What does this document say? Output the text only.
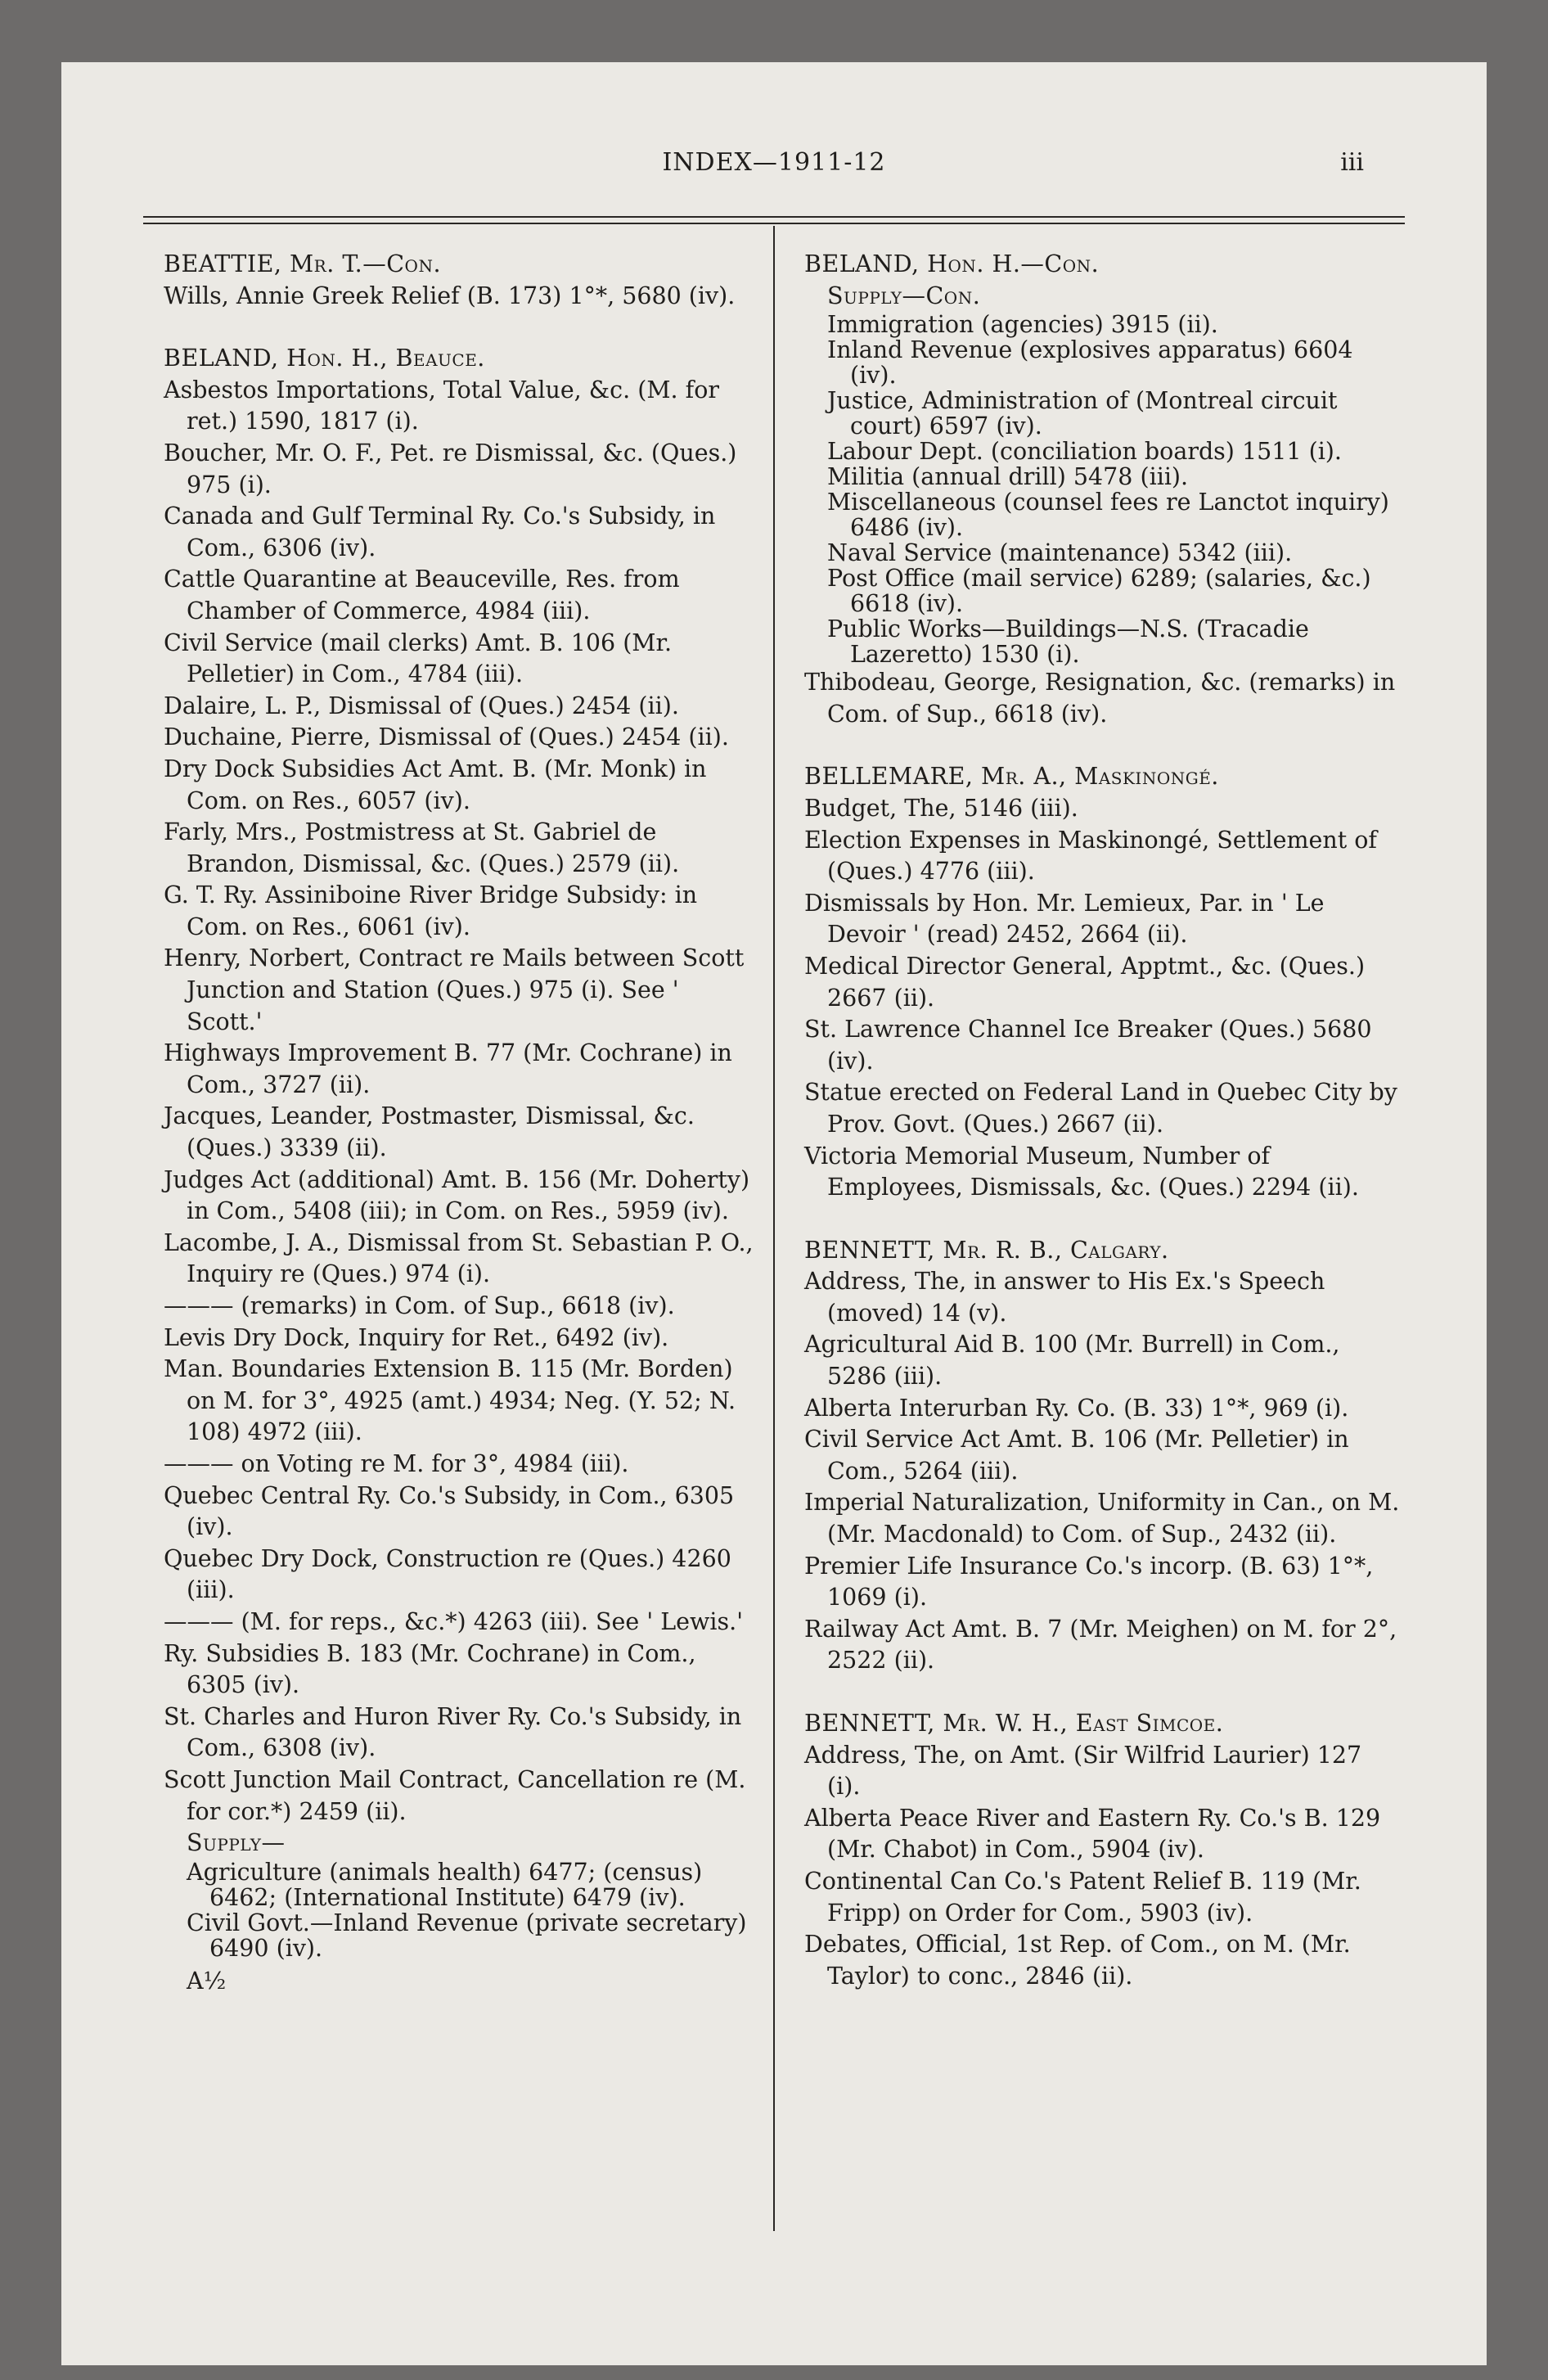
INDEX—1911-12	iii

BEATTIE, Mr. T.—Con.

Wills, Annie Greek Relief (B. 173) 1°*, 5680 (iv).

BELAND, Hon. H., Beauce.

Asbestos Importations, Total Value, &c. (M. for ret.) 1590, 1817 (i).

Boucher, Mr. O. F., Pet. re Dismissal, &c. (Ques.) 975 (i).

Canada and Gulf Terminal Ry. Co.'s Subsidy, in Com., 6306 (iv).

Cattle Quarantine at Beauceville, Res. from Chamber of Commerce, 4984 (iii).

Civil Service (mail clerks) Amt. B. 106 (Mr. Pelletier) in Com., 4784 (iii).

Dalaire, L. P., Dismissal of (Ques.) 2454 (ii).

Duchaine, Pierre, Dismissal of (Ques.) 2454 (ii).

Dry Dock Subsidies Act Amt. B. (Mr. Monk) in Com. on Res., 6057 (iv).

Farly, Mrs., Postmistress at St. Gabriel de Brandon, Dismissal, &c. (Ques.) 2579 (ii).

G. T. Ry. Assiniboine River Bridge Subsidy: in Com. on Res., 6061 (iv).

Henry, Norbert, Contract re Mails between Scott Junction and Station (Ques.) 975 (i). See ' Scott.'

Highways Improvement B. 77 (Mr. Cochrane) in Com., 3727 (ii).

Jacques, Leander, Postmaster, Dismissal, &c. (Ques.) 3339 (ii).

Judges Act (additional) Amt. B. 156 (Mr. Doherty) in Com., 5408 (iii); in Com. on Res., 5959 (iv).

Lacombe, J. A., Dismissal from St. Sebastian P. O., Inquiry re (Ques.) 974 (i).

——— (remarks) in Com. of Sup., 6618 (iv).

Levis Dry Dock, Inquiry for Ret., 6492 (iv).

Man. Boundaries Extension B. 115 (Mr. Borden) on M. for 3°, 4925 (amt.) 4934; Neg. (Y. 52; N. 108) 4972 (iii).

——— on Voting re M. for 3°, 4984 (iii).

Quebec Central Ry. Co.'s Subsidy, in Com., 6305 (iv).

Quebec Dry Dock, Construction re (Ques.) 4260 (iii).

——— (M. for reps., &c.*) 4263 (iii). See ' Lewis.'

Ry. Subsidies B. 183 (Mr. Cochrane) in Com., 6305 (iv).

St. Charles and Huron River Ry. Co.'s Subsidy, in Com., 6308 (iv).

Scott Junction Mail Contract, Cancellation re (M. for cor.*) 2459 (ii).

Supply—

Agriculture (animals health) 6477; (census) 6462; (International Institute) 6479 (iv).

Civil Govt.—Inland Revenue (private secretary) 6490 (iv).

A½

BELAND, Hon. H.—Con.

Supply—Con.

Immigration (agencies) 3915 (ii).

Inland Revenue (explosives apparatus) 6604 (iv).

Justice, Administration of (Montreal circuit court) 6597 (iv).

Labour Dept. (conciliation boards) 1511 (i).

Militia (annual drill) 5478 (iii).

Miscellaneous (counsel fees re Lanctot inquiry) 6486 (iv).

Naval Service (maintenance) 5342 (iii).

Post Office (mail service) 6289; (salaries, &c.) 6618 (iv).

Public Works—Buildings—N.S. (Tracadie Lazeretto) 1530 (i).

Thibodeau, George, Resignation, &c. (remarks) in Com. of Sup., 6618 (iv).

BELLEMARE, Mr. A., Maskinongé.

Budget, The, 5146 (iii).

Election Expenses in Maskinongé, Settlement of (Ques.) 4776 (iii).

Dismissals by Hon. Mr. Lemieux, Par. in ' Le Devoir ' (read) 2452, 2664 (ii).

Medical Director General, Apptmt., &c. (Ques.) 2667 (ii).

St. Lawrence Channel Ice Breaker (Ques.) 5680 (iv).

Statue erected on Federal Land in Quebec City by Prov. Govt. (Ques.) 2667 (ii).

Victoria Memorial Museum, Number of Employees, Dismissals, &c. (Ques.) 2294 (ii).

BENNETT, Mr. R. B., Calgary.

Address, The, in answer to His Ex.'s Speech (moved) 14 (v).

Agricultural Aid B. 100 (Mr. Burrell) in Com., 5286 (iii).

Alberta Interurban Ry. Co. (B. 33) 1°*, 969 (i).

Civil Service Act Amt. B. 106 (Mr. Pelletier) in Com., 5264 (iii).

Imperial Naturalization, Uniformity in Can., on M. (Mr. Macdonald) to Com. of Sup., 2432 (ii).

Premier Life Insurance Co.'s incorp. (B. 63) 1°*, 1069 (i).

Railway Act Amt. B. 7 (Mr. Meighen) on M. for 2°, 2522 (ii).

BENNETT, Mr. W. H., East Simcoe.

Address, The, on Amt. (Sir Wilfrid Laurier) 127 (i).

Alberta Peace River and Eastern Ry. Co.'s B. 129 (Mr. Chabot) in Com., 5904 (iv).

Continental Can Co.'s Patent Relief B. 119 (Mr. Fripp) on Order for Com., 5903 (iv).

Debates, Official, 1st Rep. of Com., on M. (Mr. Taylor) to conc., 2846 (ii).
